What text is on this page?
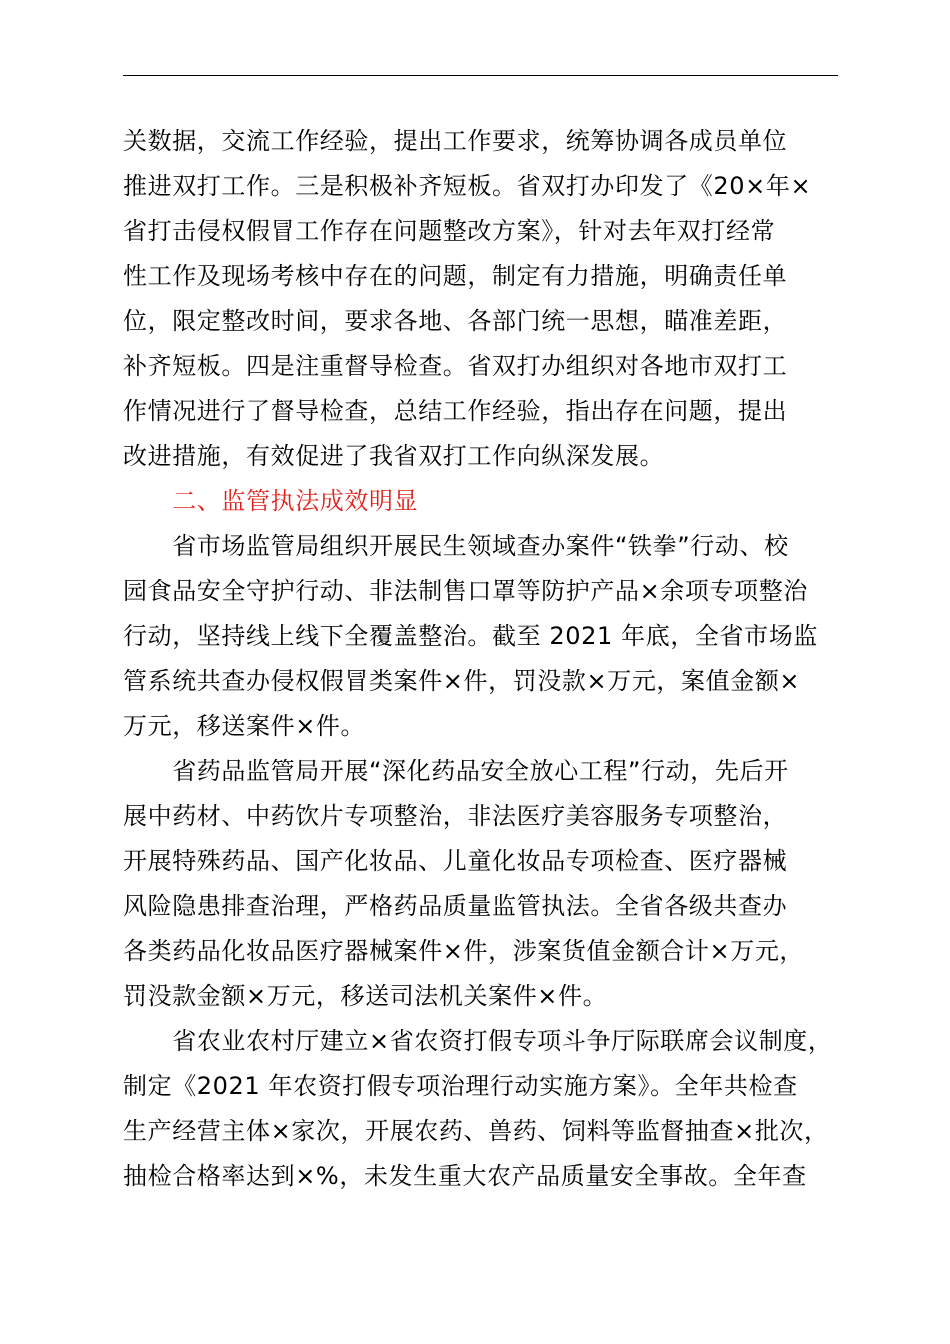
关数据，交流工作经验，提出工作要求，统筹协调各成员单位
推进双打工作。三是积极补齐短板。省双打办印发了《20×年×
省打击侵权假冒工作存在问题整改方案》，针对去年双打经常
性工作及现场考核中存在的问题，制定有力措施，明确责任单
位，限定整改时间，要求各地、各部门统一思想，瞄准差距，
补齐短板。四是注重督导检查。省双打办组织对各地市双打工
作情况进行了督导检查，总结工作经验，指出存在问题，提出
改进措施，有效促进了我省双打工作向纵深发展。
　　二、监管执法成效明显
　　省市场监管局组织开展民生领域查办案件“铁拳”行动、校
园食品安全守护行动、非法制售口罩等防护产品×余项专项整治
行动，坚持线上线下全覆盖整治。截至 2021 年底，全省市场监
管系统共查办侵权假冒类案件×件，罚没款×万元，案值金额×
万元，移送案件×件。
　　省药品监管局开展“深化药品安全放心工程”行动，先后开
展中药材、中药饮片专项整治，非法医疗美容服务专项整治，
开展特殊药品、国产化妆品、儿童化妆品专项检查、医疗器械
风险隐患排查治理，严格药品质量监管执法。全省各级共查办
各类药品化妆品医疗器械案件×件，涉案货值金额合计×万元，
罚没款金额×万元，移送司法机关案件×件。
　　省农业农村厅建立×省农资打假专项斗争厅际联席会议制度，
制定《2021 年农资打假专项治理行动实施方案》。全年共检查
生产经营主体×家次，开展农药、兽药、饲料等监督抽查×批次，
抽检合格率达到×%，未发生重大农产品质量安全事故。全年查
